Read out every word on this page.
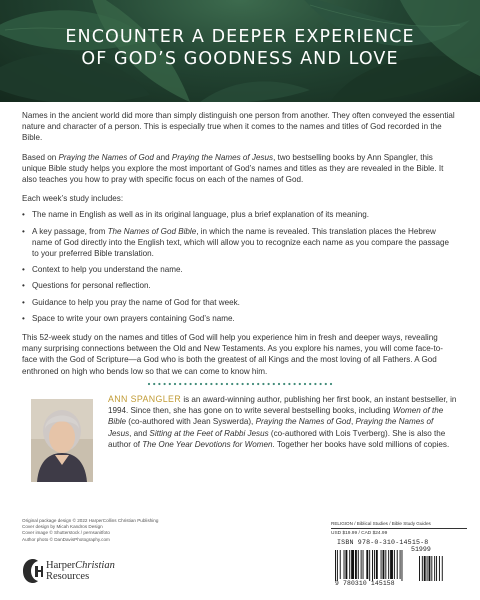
ENCOUNTER A DEEPER EXPERIENCE
OF GOD’S GOODNESS AND LOVE

Names in the ancient world did more than simply distinguish one person from another. They often conveyed the essential nature and character of a person. This is especially true when it comes to the names and titles of God recorded in the Bible.

Based on Praying the Names of God and Praying the Names of Jesus, two bestselling books by Ann Spangler, this unique Bible study helps you explore the most important of God’s names and titles as they are revealed in the Bible. It also teaches you how to pray with specific focus on each of the names of God.

Each week’s study includes:

• The name in English as well as in its original language, plus a brief explanation of its meaning.
• A key passage, from The Names of God Bible, in which the name is revealed. This translation places the Hebrew name of God directly into the English text, which will allow you to recognize each name as you compare the passage to your preferred Bible translation.
• Context to help you understand the name.
• Questions for personal reflection.
• Guidance to help you pray the name of God for that week.
• Space to write your own prayers containing God’s name.

This 52-week study on the names and titles of God will help you experience him in fresh and deeper ways, revealing many surprising connections between the Old and New Testaments. As you explore his names, you will come face-to-face with the God of Scripture—a God who is both the greatest of all Kings and the most loving of all Fathers. A God enthroned on high who bends low so that we can come to know him.

ANN SPANGLER is an award-winning author, publishing her first book, an instant bestseller, in 1994. Since then, she has gone on to write several bestselling books, including Women of the Bible (co-authored with Jean Syswerda), Praying the Names of God, Praying the Names of Jesus, and Sitting at the Feet of Rabbi Jesus (co-authored with Lois Tverberg). She is also the author of The One Year Devotions for Women. Together her books have sold millions of copies.
Original package design © 2022 HarperCollins Christian Publishing
Cover design by Micah Kandros Design
Cover image © Shutterstock / pernsanitfoto
Author photo © DanDavisPhotography.com
HarperChristian
Resources
RELIGION / Biblical Studies / Bible Study Guides
USD $19.99 / CAD $24.99
ISBN 978-0-310-14515-8
51999
9 780310 145158
